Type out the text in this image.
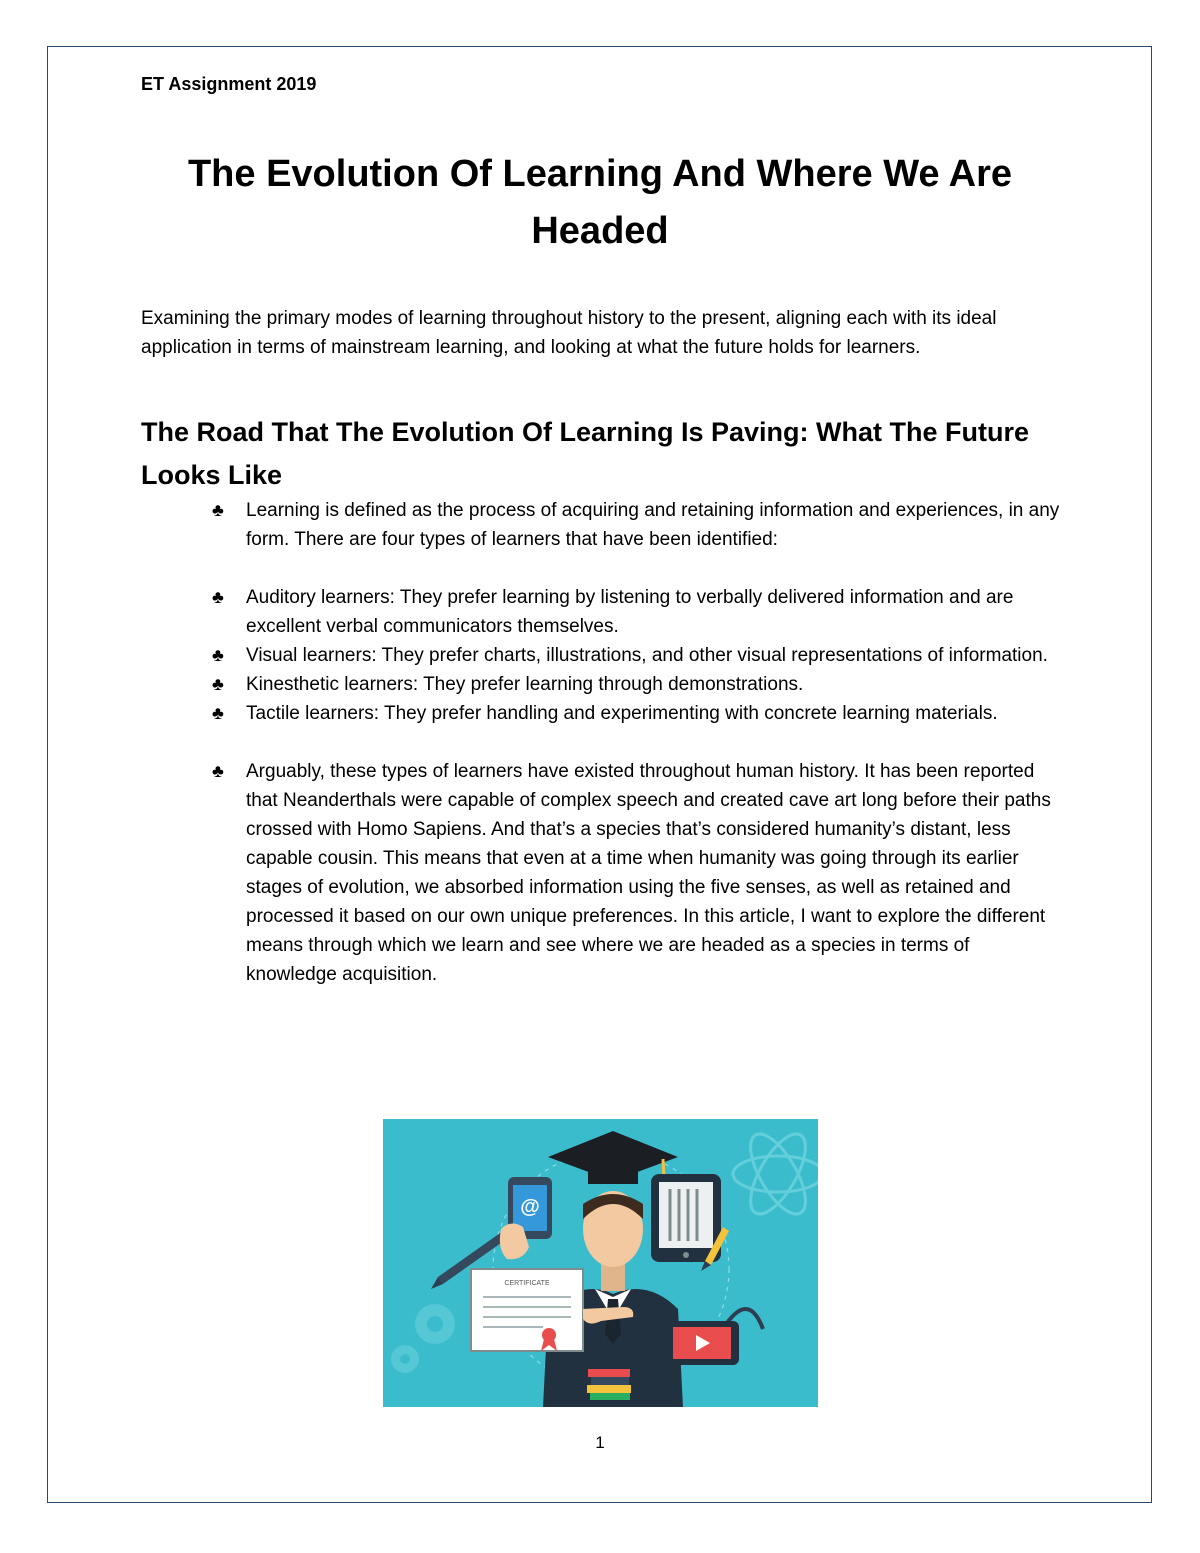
ET Assignment 2019
The Evolution Of Learning And Where We Are Headed

Examining the primary modes of learning throughout history to the present, aligning each with its ideal application in terms of mainstream learning, and looking at what the future holds for learners.

The Road That The Evolution Of Learning Is Paving: What The Future Looks Like
♣	Learning is defined as the process of acquiring and retaining information and experiences, in any form. There are four types of learners that have been identified:
♣	Auditory learners: They prefer learning by listening to verbally delivered information and are excellent verbal communicators themselves.
♣	Visual learners: They prefer charts, illustrations, and other visual representations of information.
♣	Kinesthetic learners: They prefer learning through demonstrations.
♣	Tactile learners: They prefer handling and experimenting with concrete learning materials.
♣	Arguably, these types of learners have existed throughout human history. It has been reported that Neanderthals were capable of complex speech and created cave art long before their paths crossed with Homo Sapiens. And that’s a species that’s considered humanity’s distant, less capable cousin. This means that even at a time when humanity was going through its earlier stages of evolution, we absorbed information using the five senses, as well as retained and processed it based on our own unique preferences. In this article, I want to explore the different means through which we learn and see where we are headed as a species in terms of knowledge acquisition.
@
CERTIFICATE
1
